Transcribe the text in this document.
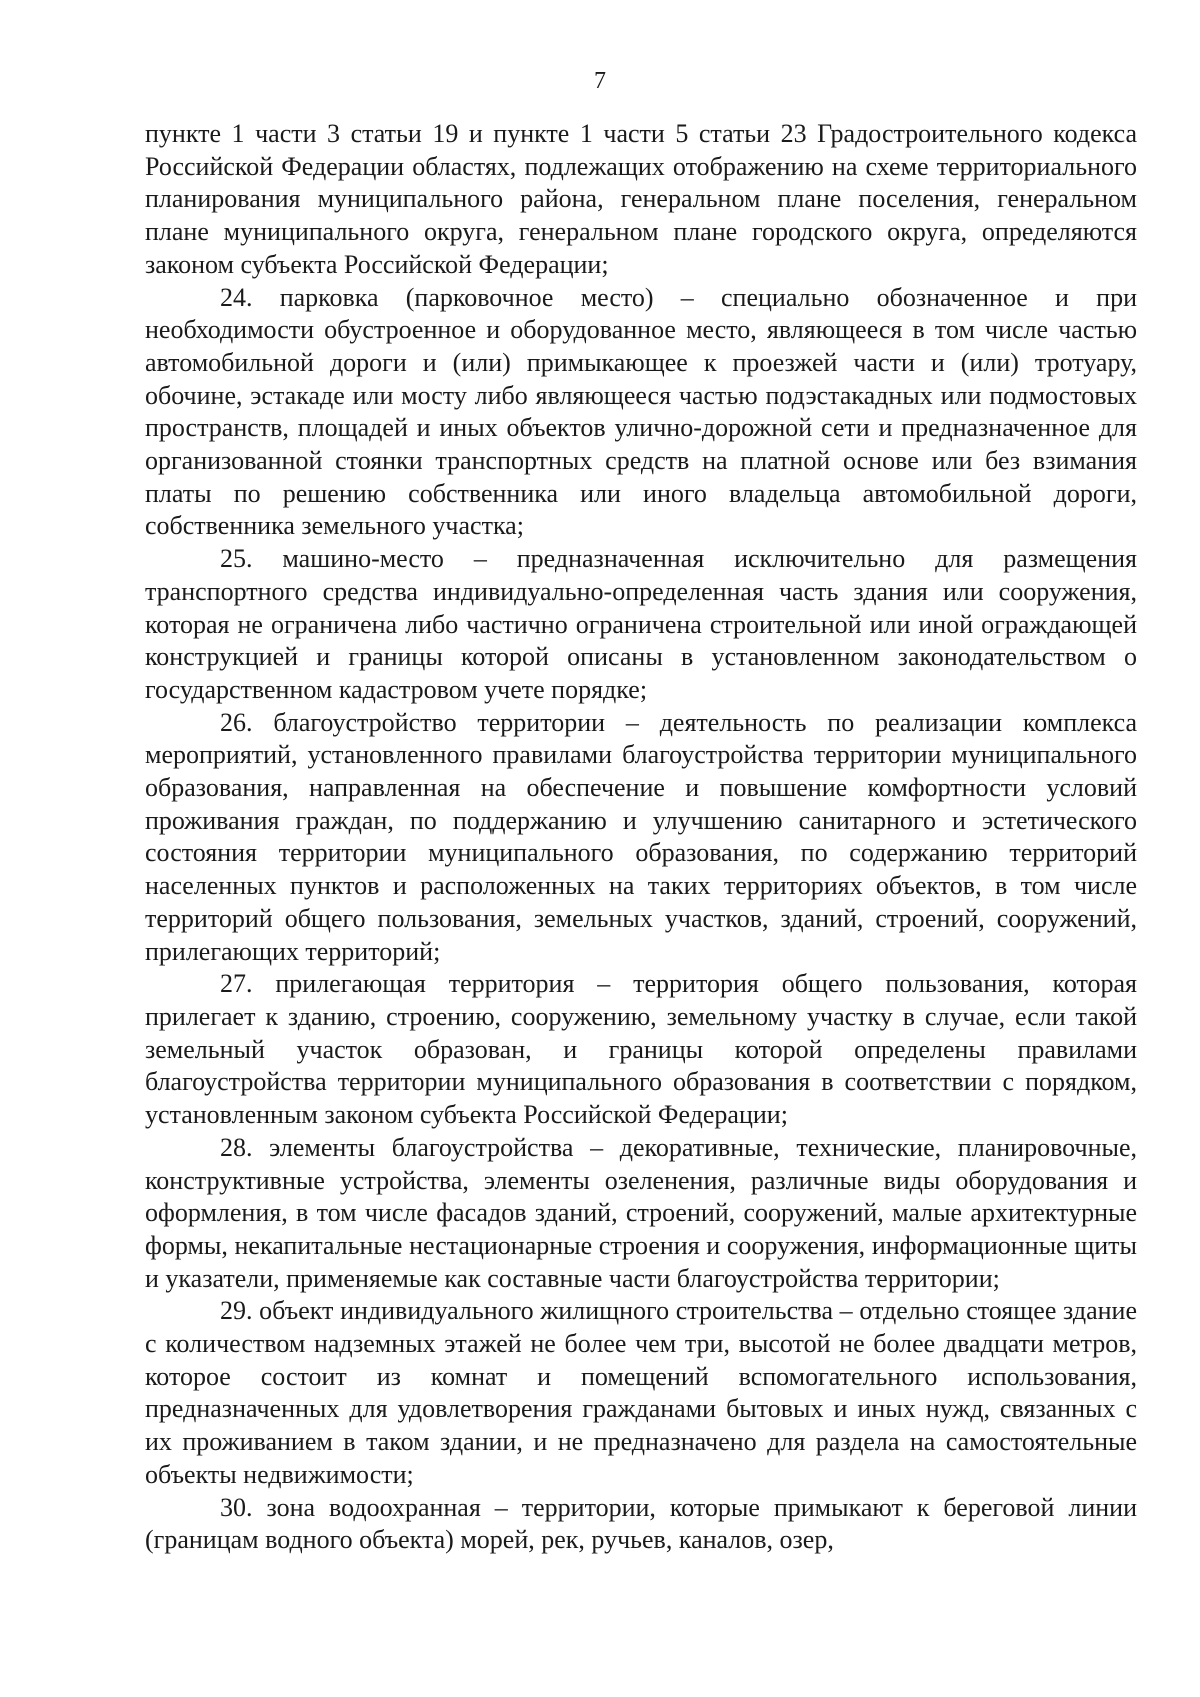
7

пункте 1 части 3 статьи 19 и пункте 1 части 5 статьи 23 Градостроительного кодекса Российской Федерации областях, подлежащих отображению на схеме территориального планирования муниципального района, генеральном плане поселения, генеральном плане муниципального округа, генеральном плане городского округа, определяются законом субъекта Российской Федерации;

24. парковка (парковочное место) – специально обозначенное и при необходимости обустроенное и оборудованное место, являющееся в том числе частью автомобильной дороги и (или) примыкающее к проезжей части и (или) тротуару, обочине, эстакаде или мосту либо являющееся частью подэстакадных или подмостовых пространств, площадей и иных объектов улично-дорожной сети и предназначенное для организованной стоянки транспортных средств на платной основе или без взимания платы по решению собственника или иного владельца автомобильной дороги, собственника земельного участка;

25. машино-место – предназначенная исключительно для размещения транспортного средства индивидуально-определенная часть здания или сооружения, которая не ограничена либо частично ограничена строительной или иной ограждающей конструкцией и границы которой описаны в установленном законодательством о государственном кадастровом учете порядке;

26. благоустройство территории – деятельность по реализации комплекса мероприятий, установленного правилами благоустройства территории муниципального образования, направленная на обеспечение и повышение комфортности условий проживания граждан, по поддержанию и улучшению санитарного и эстетического состояния территории муниципального образования, по содержанию территорий населенных пунктов и расположенных на таких территориях объектов, в том числе территорий общего пользования, земельных участков, зданий, строений, сооружений, прилегающих территорий;

27. прилегающая территория – территория общего пользования, которая прилегает к зданию, строению, сооружению, земельному участку в случае, если такой земельный участок образован, и границы которой определены правилами благоустройства территории муниципального образования в соответствии с порядком, установленным законом субъекта Российской Федерации;

28. элементы благоустройства – декоративные, технические, планировочные, конструктивные устройства, элементы озеленения, различные виды оборудования и оформления, в том числе фасадов зданий, строений, сооружений, малые архитектурные формы, некапитальные нестационарные строения и сооружения, информационные щиты и указатели, применяемые как составные части благоустройства территории;

29. объект индивидуального жилищного строительства – отдельно стоящее здание с количеством надземных этажей не более чем три, высотой не более двадцати метров, которое состоит из комнат и помещений вспомогательного использования, предназначенных для удовлетворения гражданами бытовых и иных нужд, связанных с их проживанием в таком здании, и не предназначено для раздела на самостоятельные объекты недвижимости;

30. зона водоохранная – территории, которые примыкают к береговой линии (границам водного объекта) морей, рек, ручьев, каналов, озер,
